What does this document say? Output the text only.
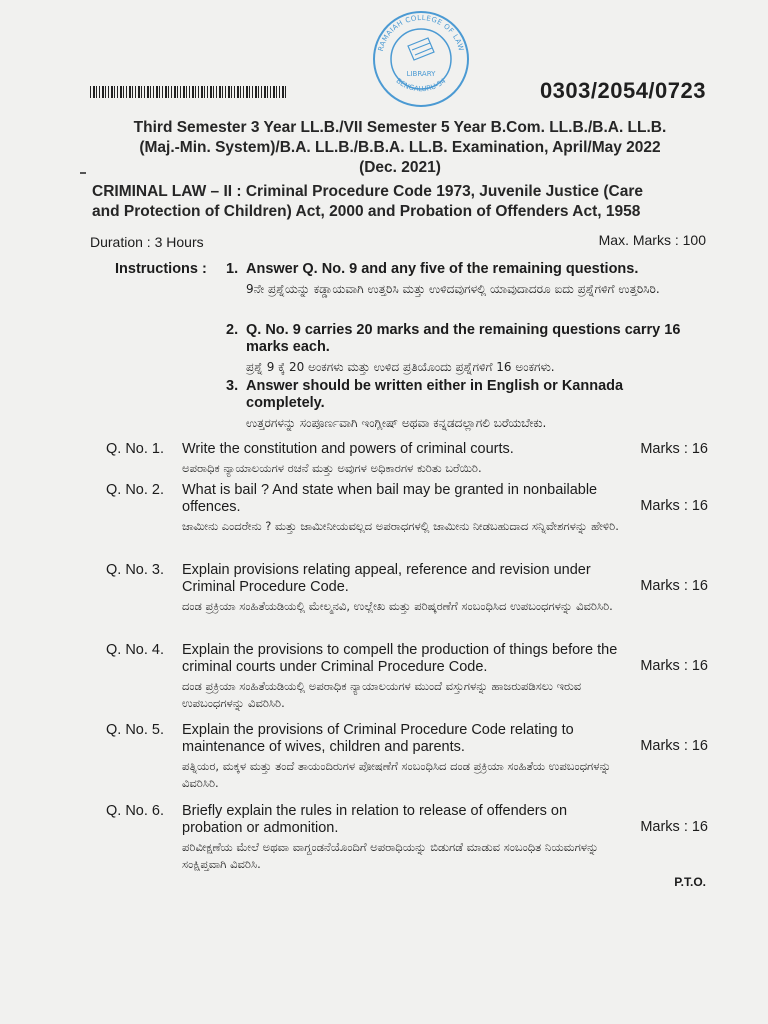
LIBRARY
RAMAIAH COLLEGE OF LAW
BENGALURU-54	0303/2054/0723
Third Semester 3 Year LL.B./VII Semester 5 Year B.Com. LL.B./B.A. LL.B.
(Maj.-Min. System)/B.A. LL.B./B.B.A. LL.B. Examination, April/May 2022
(Dec. 2021)
CRIMINAL LAW – II : Criminal Procedure Code 1973, Juvenile Justice (Care
and Protection of Children) Act, 2000 and Probation of Offenders Act, 1958
Duration : 3 Hours	Max. Marks : 100
Instructions : 1. Answer Q. No. 9 and any five of the remaining questions.
9ನೇ ಪ್ರಶ್ನೆಯನ್ನು ಕಡ್ಡಾಯವಾಗಿ ಉತ್ತರಿಸಿ ಮತ್ತು ಉಳಿದವುಗಳಲ್ಲಿ ಯಾವುದಾದರೂ ಐದು ಪ್ರಶ್ನೆಗಳಿಗೆ ಉತ್ತರಿಸಿರಿ.
2. Q. No. 9 carries 20 marks and the remaining questions carry 16 marks each.
ಪ್ರಶ್ನೆ 9 ಕ್ಕೆ 20 ಅಂಕಗಳು ಮತ್ತು ಉಳಿದ ಪ್ರತಿಯೊಂದು ಪ್ರಶ್ನೆಗಳಿಗೆ 16 ಅಂಕಗಳು.
3. Answer should be written either in English or Kannada completely.
ಉತ್ತರಗಳನ್ನು ಸಂಪೂರ್ಣವಾಗಿ ಇಂಗ್ಲೀಷ್ ಅಥವಾ ಕನ್ನಡದಲ್ಲಾಗಲಿ ಬರೆಯಬೇಕು.
Q. No. 1.	Write the constitution and powers of criminal courts.
ಅಪರಾಧಿಕ ನ್ಯಾಯಾಲಯಗಳ ರಚನೆ ಮತ್ತು ಅವುಗಳ ಅಧಿಕಾರಗಳ ಕುರಿತು ಬರೆಯಿರಿ.
Marks : 16
Q. No. 2.	What is bail ? And state when bail may be granted in nonbailable offences.
ಜಾಮೀನು ಎಂದರೇನು ? ಮತ್ತು ಜಾಮೀನೀಯವಲ್ಲದ ಅಪರಾಧಗಳಲ್ಲಿ ಜಾಮೀನು ನೀಡಬಹುದಾದ ಸನ್ನಿವೇಶಗಳನ್ನು ಹೇಳಿರಿ.
Marks : 16
Q. No. 3.	Explain provisions relating appeal, reference and revision under Criminal Procedure Code.
ದಂಡ ಪ್ರಕ್ರಿಯಾ ಸಂಹಿತೆಯಡಿಯಲ್ಲಿ ಮೇಲ್ಮನವಿ, ಉಲ್ಲೇಖ ಮತ್ತು ಪರಿಷ್ಕರಣೆಗೆ ಸಂಬಂಧಿಸಿದ ಉಪಬಂಧಗಳನ್ನು ವಿವರಿಸಿರಿ.
Marks : 16
Q. No. 4.	Explain the provisions to compell the production of things before the criminal courts under Criminal Procedure Code.
ದಂಡ ಪ್ರಕ್ರಿಯಾ ಸಂಹಿತೆಯಡಿಯಲ್ಲಿ ಅಪರಾಧಿಕ ನ್ಯಾಯಾಲಯಗಳ ಮುಂದೆ ವಸ್ತುಗಳನ್ನು ಹಾಜರುಪಡಿಸಲು ಇರುವ ಉಪಬಂಧಗಳನ್ನು ವಿವರಿಸಿರಿ.
Marks : 16
Q. No. 5.	Explain the provisions of Criminal Procedure Code relating to maintenance of wives, children and parents.
ಪತ್ನಿಯರ, ಮಕ್ಕಳ ಮತ್ತು ತಂದೆ ತಾಯಂದಿರುಗಳ ಪೋಷಣೆಗೆ ಸಂಬಂಧಿಸಿದ ದಂಡ ಪ್ರಕ್ರಿಯಾ ಸಂಹಿತೆಯ ಉಪಬಂಧಗಳನ್ನು ವಿವರಿಸಿರಿ.
Marks : 16
Q. No. 6.	Briefly explain the rules in relation to release of offenders on probation or admonition.
ಪರಿವೀಕ್ಷಣೆಯ ಮೇಲೆ ಅಥವಾ ವಾಗ್ದಂಡನೆಯೊಂದಿಗೆ ಅಪರಾಧಿಯನ್ನು ಬಿಡುಗಡೆ ಮಾಡುವ ಸಂಬಂಧಿತ ನಿಯಮಗಳನ್ನು ಸಂಕ್ಷಿಪ್ತವಾಗಿ ವಿವರಿಸಿ.
Marks : 16
P.T.O.
